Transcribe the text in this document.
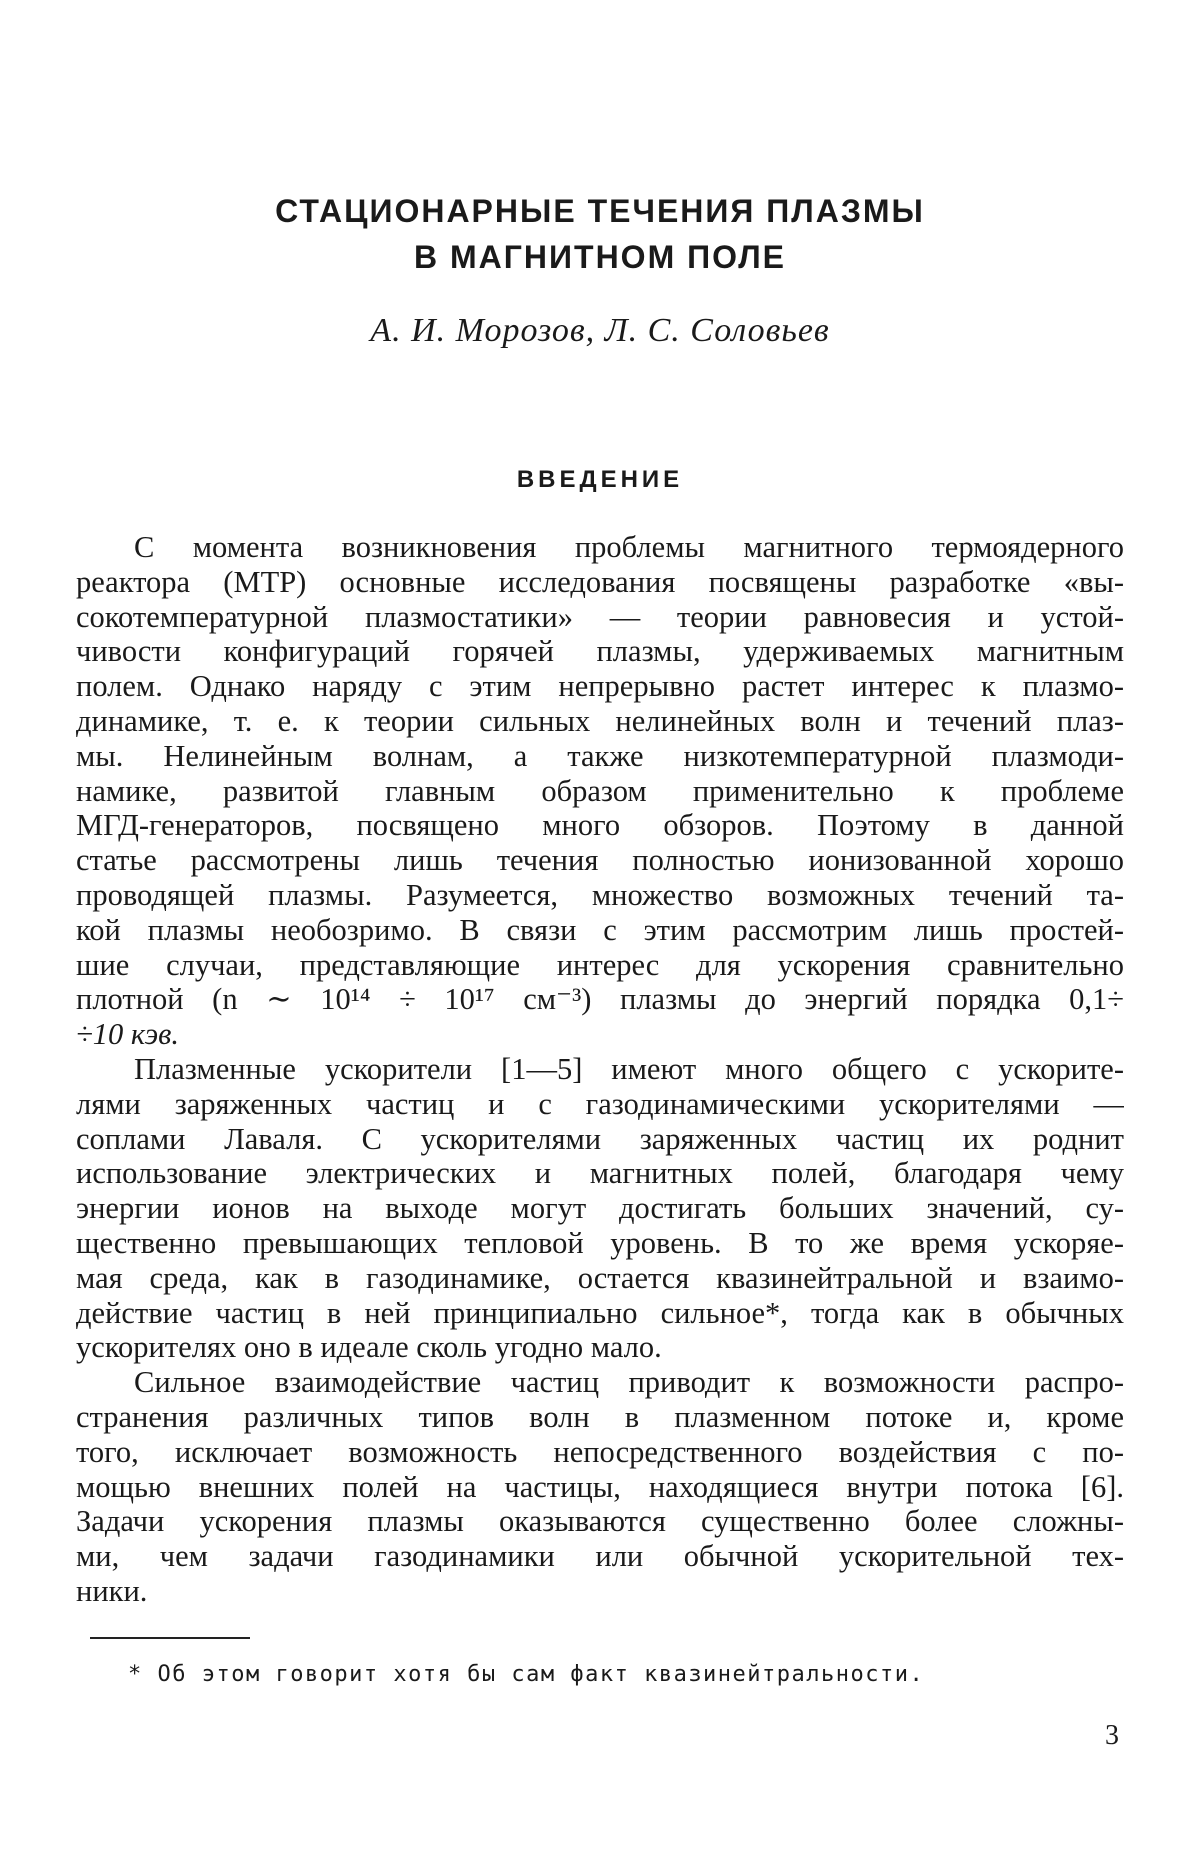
СТАЦИОНАРНЫЕ ТЕЧЕНИЯ ПЛАЗМЫ
В МАГНИТНОМ ПОЛЕ
А. И. Морозов, Л. С. Соловьев
ВВЕДЕНИЕ
С момента возникновения проблемы магнитного термоядерного
реактора (МТР) основные исследования посвящены разработке «вы-
сокотемпературной плазмостатики» — теории равновесия и устой-
чивости конфигураций горячей плазмы, удерживаемых магнитным
полем. Однако наряду с этим непрерывно растет интерес к плазмо-
динамике, т. е. к теории сильных нелинейных волн и течений плаз-
мы. Нелинейным волнам, а также низкотемпературной плазмоди-
намике, развитой главным образом применительно к проблеме
МГД-генераторов, посвящено много обзоров. Поэтому в данной
статье рассмотрены лишь течения полностью ионизованной хорошо
проводящей плазмы. Разумеется, множество возможных течений та-
кой плазмы необозримо. В связи с этим рассмотрим лишь простей-
шие случаи, представляющие интерес для ускорения сравнительно
плотной (n ∼ 10¹⁴ ÷ 10¹⁷ см⁻³) плазмы до энергий порядка 0,1÷
÷10 кэв.
Плазменные ускорители [1—5] имеют много общего с ускорите-
лями заряженных частиц и с газодинамическими ускорителями —
соплами Лаваля. С ускорителями заряженных частиц их роднит
использование электрических и магнитных полей, благодаря чему
энергии ионов на выходе могут достигать больших значений, су-
щественно превышающих тепловой уровень. В то же время ускоряе-
мая среда, как в газодинамике, остается квазинейтральной и взаимо-
действие частиц в ней принципиально сильное*, тогда как в обычных
ускорителях оно в идеале сколь угодно мало.
Сильное взаимодействие частиц приводит к возможности распро-
странения различных типов волн в плазменном потоке и, кроме
того, исключает возможность непосредственного воздействия с по-
мощью внешних полей на частицы, находящиеся внутри потока [6].
Задачи ускорения плазмы оказываются существенно более сложны-
ми, чем задачи газодинамики или обычной ускорительной тех-
ники.
* Об этом говорит хотя бы сам факт квазинейтральности.
3
